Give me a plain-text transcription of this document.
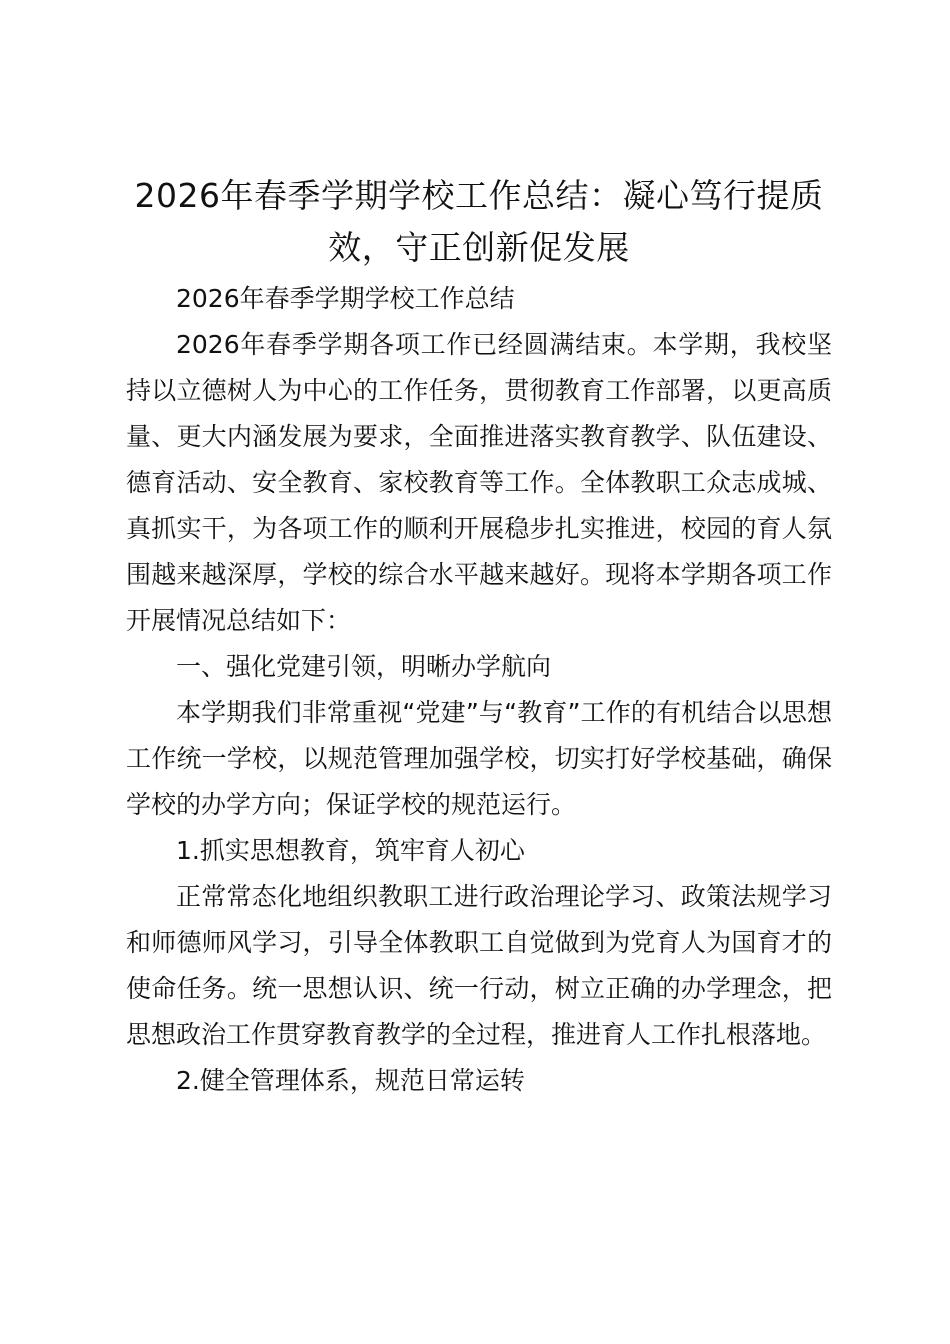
2026年春季学期学校工作总结：凝心笃行提质效，守正创新促发展

2026年春季学期学校工作总结

2026年春季学期各项工作已经圆满结束。本学期，我校坚持以立德树人为中心的工作任务，贯彻教育工作部署，以更高质量、更大内涵发展为要求，全面推进落实教育教学、队伍建设、德育活动、安全教育、家校教育等工作。全体教职工众志成城、真抓实干，为各项工作的顺利开展稳步扎实推进，校园的育人氛围越来越深厚，学校的综合水平越来越好。现将本学期各项工作开展情况总结如下：

一、强化党建引领，明晰办学航向

本学期我们非常重视“党建”与“教育”工作的有机结合以思想工作统一学校，以规范管理加强学校，切实打好学校基础，确保学校的办学方向；保证学校的规范运行。

1.抓实思想教育，筑牢育人初心

正常常态化地组织教职工进行政治理论学习、政策法规学习和师德师风学习，引导全体教职工自觉做到为党育人为国育才的使命任务。统一思想认识、统一行动，树立正确的办学理念，把思想政治工作贯穿教育教学的全过程，推进育人工作扎根落地。

2.健全管理体系，规范日常运转
